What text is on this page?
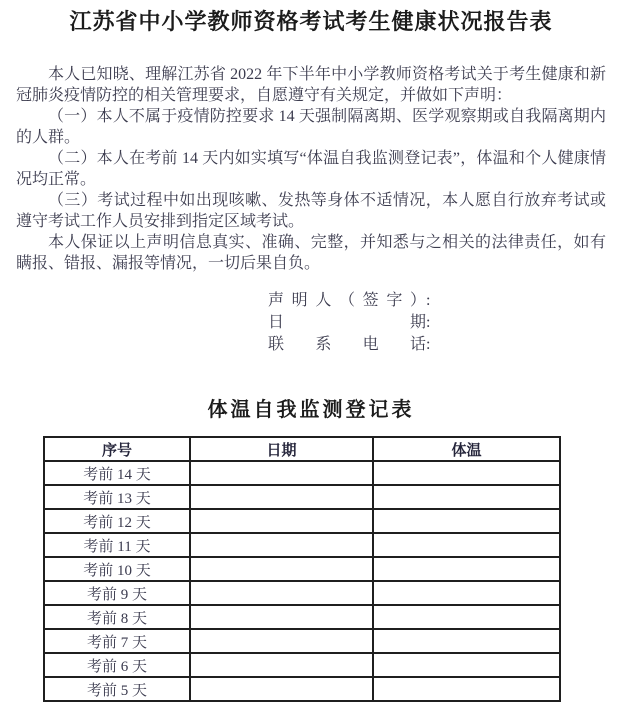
江苏省中小学教师资格考试考生健康状况报告表

本人已知晓、理解江苏省 2022 年下半年中小学教师资格考试关于考生健康和新冠肺炎疫情防控的相关管理要求，自愿遵守有关规定，并做如下声明：

（一）本人不属于疫情防控要求 14 天强制隔离期、医学观察期或自我隔离期内的人群。

（二）本人在考前 14 天内如实填写“体温自我监测登记表”，体温和个人健康情况均正常。

（三）考试过程中如出现咳嗽、发热等身体不适情况，本人愿自行放弃考试或遵守考试工作人员安排到指定区域考试。

本人保证以上声明信息真实、准确、完整，并知悉与之相关的法律责任，如有瞒报、错报、漏报等情况，一切后果自负。

声明人（签字）:
日期:
联系电话:
体温自我监测登记表
序号	日期	体温
考前 14 天		
考前 13 天		
考前 12 天		
考前 11 天		
考前 10 天		
考前 9 天		
考前 8 天		
考前 7 天		
考前 6 天		
考前 5 天		
